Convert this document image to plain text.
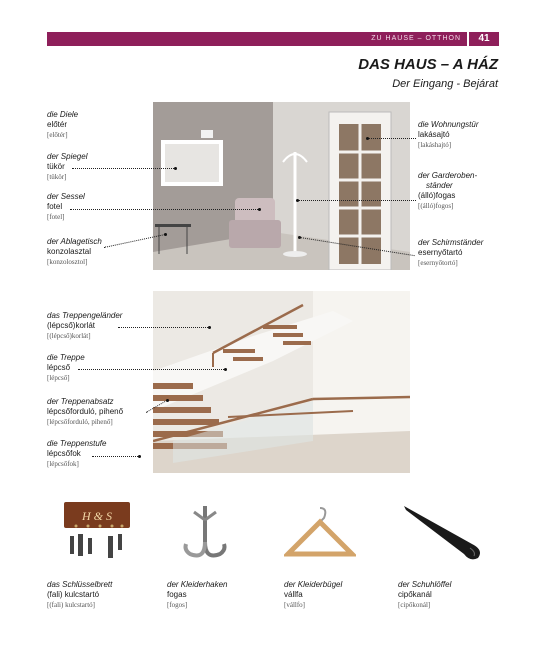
ZU HAUSE – OTTHON	41
DAS HAUS – A HÁZ
Der Eingang - Bejárat
die Diele
előtér
[előtér]
der Spiegel
tükör
[tükör]
der Sessel
fotel
[fotel]
der Ablagetisch
konzolasztal
[konzolosztol]
die Wohnungstür
lakásajtó
[lakáshajtó]
der Garderoben-
ständer
(álló)fogas
[(álló)fogos]
der Schirmständer
esernyőtartó
[esernyőtortó]
das Treppengeländer
(lépcső)korlát
[(lépcső)korlát]
die Treppe
lépcső
[lépcső]
der Treppenabsatz
lépcsőforduló, pihenő
[lépcsőforduló, pihenő]
die Treppenstufe
lépcsőfok
[lépcsőfok]
H & S
das Schlüsselbrett
(fali) kulcstartó
[(fali) kulcstartó]
der Kleiderhaken
fogas
[fogos]
der Kleiderbügel
vállfa
[vállfo]
der Schuhlöffel
cipőkanál
[cipőkonál]
